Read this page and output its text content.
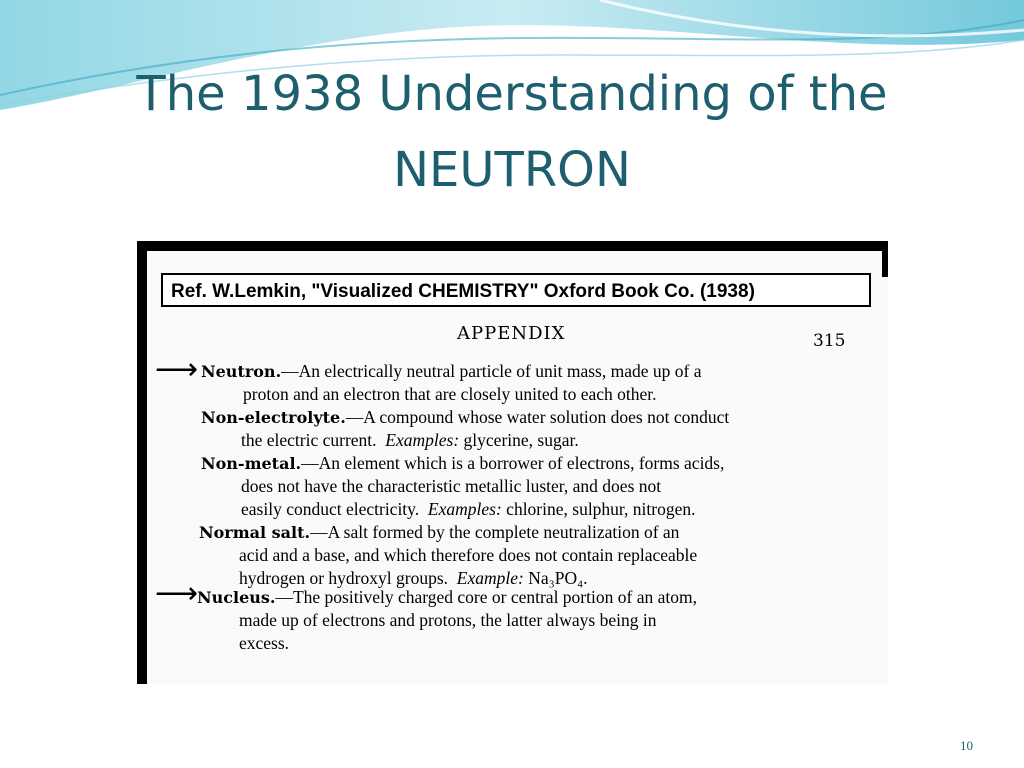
The 1938 Understanding of the
NEUTRON
Ref. W.Lemkin, "Visualized CHEMISTRY" Oxford Book Co. (1938)
APPENDIX	315
⟶ Neutron.—An electrically neutral particle of unit mass, made up of a
proton and an electron that are closely united to each other.
Non-electrolyte.—A compound whose water solution does not conduct
the electric current. Examples: glycerine, sugar.
Non-metal.—An element which is a borrower of electrons, forms acids,
does not have the characteristic metallic luster, and does not
easily conduct electricity. Examples: chlorine, sulphur, nitrogen.
Normal salt.—A salt formed by the complete neutralization of an
acid and a base, and which therefore does not contain replaceable
hydrogen or hydroxyl groups. Example: Na₃PO₄.
⟶
Nucleus.—The positively charged core or central portion of an atom,
made up of electrons and protons, the latter always being in
excess.
10
